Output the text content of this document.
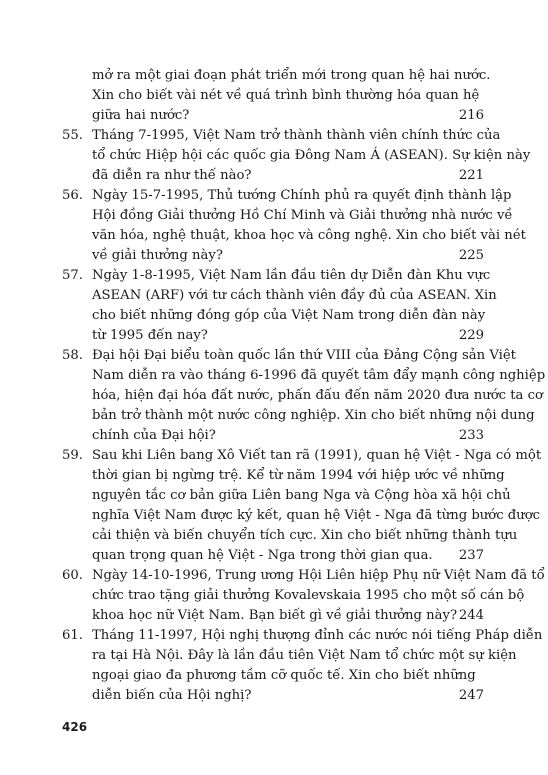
mở ra một giai đoạn phát triển mới trong quan hệ hai nước.
Xin cho biết vài nét về quá trình bình thường hóa quan hệ
giữa hai nước?	216
55. Tháng 7-1995, Việt Nam trở thành thành viên chính thức của
tổ chức Hiệp hội các quốc gia Đông Nam Á (ASEAN). Sự kiện này
đã diễn ra như thế nào?	221
56. Ngày 15-7-1995, Thủ tướng Chính phủ ra quyết định thành lập
Hội đồng Giải thưởng Hồ Chí Minh và Giải thưởng nhà nước về
văn hóa, nghệ thuật, khoa học và công nghệ. Xin cho biết vài nét
về giải thưởng này?	225
57. Ngày 1-8-1995, Việt Nam lần đầu tiên dự Diễn đàn Khu vực
ASEAN (ARF) với tư cách thành viên đầy đủ của ASEAN. Xin
cho biết những đóng góp của Việt Nam trong diễn đàn này
từ 1995 đến nay?	229
58. Đại hội Đại biểu toàn quốc lần thứ VIII của Đảng Cộng sản Việt
Nam diễn ra vào tháng 6-1996 đã quyết tâm đẩy mạnh công nghiệp
hóa, hiện đại hóa đất nước, phấn đấu đến năm 2020 đưa nước ta cơ
bản trở thành một nước công nghiệp. Xin cho biết những nội dung
chính của Đại hội?	233
59. Sau khi Liên bang Xô Viết tan rã (1991), quan hệ Việt - Nga có một
thời gian bị ngừng trệ. Kể từ năm 1994 với hiệp ước về những
nguyên tắc cơ bản giữa Liên bang Nga và Cộng hòa xã hội chủ
nghĩa Việt Nam được ký kết, quan hệ Việt - Nga đã từng bước được
cải thiện và biến chuyển tích cực. Xin cho biết những thành tựu
quan trọng quan hệ Việt - Nga trong thời gian qua.	237
60. Ngày 14-10-1996, Trung ương Hội Liên hiệp Phụ nữ Việt Nam đã tổ
chức trao tặng giải thưởng Kovalevskaia 1995 cho một số cán bộ
khoa học nữ Việt Nam. Bạn biết gì về giải thưởng này? 244
61. Tháng 11-1997, Hội nghị thượng đỉnh các nước nói tiếng Pháp diễn
ra tại Hà Nội. Đây là lần đầu tiên Việt Nam tổ chức một sự kiện
ngoại giao đa phương tầm cỡ quốc tế. Xin cho biết những
diễn biến của Hội nghị?	247
426
